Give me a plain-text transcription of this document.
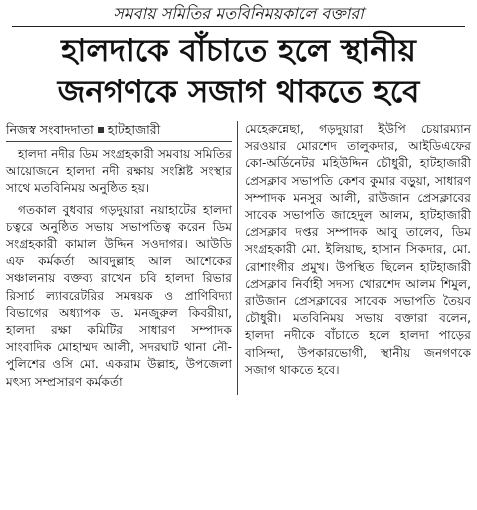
সমবায় সমিতির মতবিনিময়কালে বক্তারা
হালদাকে বাঁচাতে হলে স্থানীয়
জনগণকে সজাগ থাকতে হবে
নিজস্ব সংবাদদাতা হাটহাজারী

হালদা নদীর ডিম সংগ্রহকারী সমবায় সমিতির আয়োজনে হালদা নদী রক্ষায় সংশ্লিষ্ট সংস্থার সাথে মতবিনিময় অনুষ্ঠিত হয়।

গতকাল বুধবার গড়দুয়ারা নয়াহাটের হালদা চত্বরে অনুষ্ঠিত সভায় সভাপতিত্ব করেন ডিম সংগ্রহকারী কামাল উদ্দিন সওদাগর। আউডি এফ কর্মকর্তা আবদুল্লাহ আল আশেকের সঞ্চালনায় বক্তব্য রাখেন চবি হালদা রিভার রিসার্চ ল্যাবরেটরির সমন্বয়ক ও প্রাণিবিদ্যা বিভাগের অধ্যাপক ড. মনজুরুল কিবরীয়া, হালদা রক্ষা কমিটির সাধারণ সম্পাদক সাংবাদিক মোহাম্মদ আলী, সদরঘাট থানা নৌ-পুলিশের ওসি মো. একরাম উল্লাহ, উপজেলা মৎস্য সম্প্রসারণ কর্মকর্তা

মেহেরুন্নেছা, গড়দুয়ারা ইউপি চেয়ারম্যান সরওয়ার মোরশেদ তালুকদার, আইডিএফের কো-অর্ডিনেটর মহিউদ্দিন চৌধুরী, হাটহাজারী প্রেসক্লাব সভাপতি কেশব কুমার বড়ুয়া, সাধারণ সম্পাদক মনসুর আলী, রাউজান প্রেসক্লাবের সাবেক সভাপতি জাহেদুল আলম, হাটহাজারী প্রেসক্লাব দপ্তর সম্পাদক আবু তালেব, ডিম সংগ্রহকারী মো. ইলিয়াছ, হাসান সিকদার, মো. রোশাংগীর প্রমুখ। উপস্থিত ছিলেন হাটহাজারী প্রেসক্লাব নির্বাহী সদস্য খোরশেদ আলম শিমুল, রাউজান প্রেসক্লাবের সাবেক সভাপতি তৈয়ব চৌধুরী। মতবিনিময় সভায় বক্তারা বলেন, হালদা নদীকে বাঁচাতে হলে হালদা পাড়ের বাসিন্দা, উপকারভোগী, স্থানীয় জনগণকে সজাগ থাকতে হবে।
